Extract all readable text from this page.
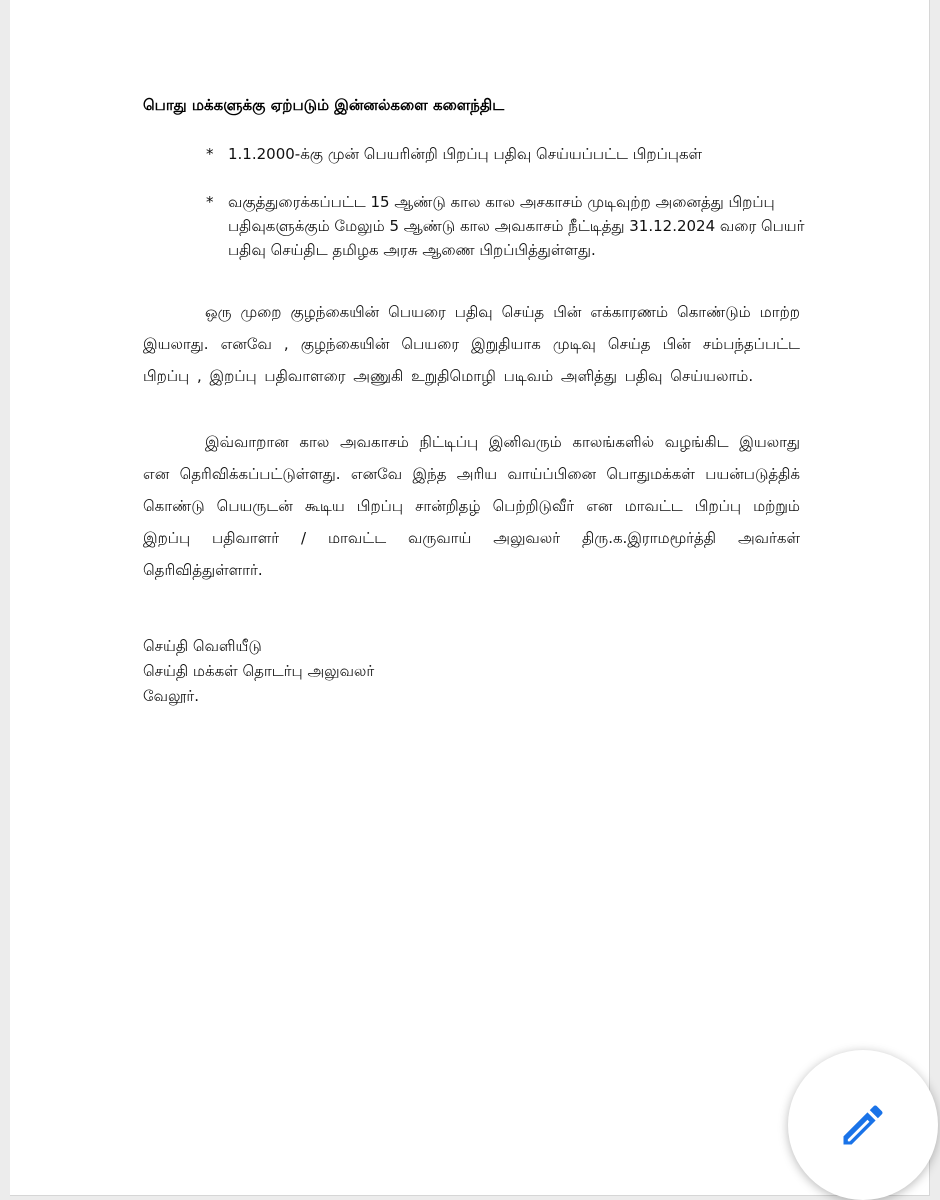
பொது மக்களுக்கு ஏற்படும் இன்னல்களை களைந்திட
* 1.1.2000-க்கு முன் பெயரின்றி பிறப்பு பதிவு செய்யப்பட்ட பிறப்புகள்
* வகுத்துரைக்கப்பட்ட 15 ஆண்டு கால கால அசகாசம் முடிவுற்ற அனைத்து பிறப்பு பதிவுகளுக்கும் மேலும் 5 ஆண்டு கால அவகாசம் நீட்டித்து 31.12.2024 வரை பெயர் பதிவு செய்திட தமிழக அரசு ஆணை பிறப்பித்துள்ளது.
ஒரு முறை குழந்கையின் பெயரை பதிவு செய்த பின் எக்காரணம் கொண்டும் மாற்ற இயலாது. எனவே , குழந்கையின் பெயரை இறுதியாக முடிவு செய்த பின் சம்பந்தப்பட்ட பிறப்பு , இறப்பு பதிவாளரை அணுகி உறுதிமொழி படிவம் அளித்து பதிவு செய்யலாம்.
இவ்வாறான கால அவகாசம் நிட்டிப்பு இனிவரும் காலங்களில் வழங்கிட இயலாது என தெரிவிக்கப்பட்டுள்ளது. எனவே இந்த அரிய வாய்ப்பினை பொதுமக்கள் பயன்படுத்திக் கொண்டு பெயருடன் கூடிய பிறப்பு சான்றிதழ் பெற்றிடுவீர் என மாவட்ட பிறப்பு மற்றும் இறப்பு பதிவாளர் / மாவட்ட வருவாய் அலுவலர் திரு.க.இராமமூர்த்தி அவர்கள் தெரிவித்துள்ளார்.
செய்தி வெளியீடு
செய்தி மக்கள் தொடர்பு அலுவலர்
வேலூர்.
